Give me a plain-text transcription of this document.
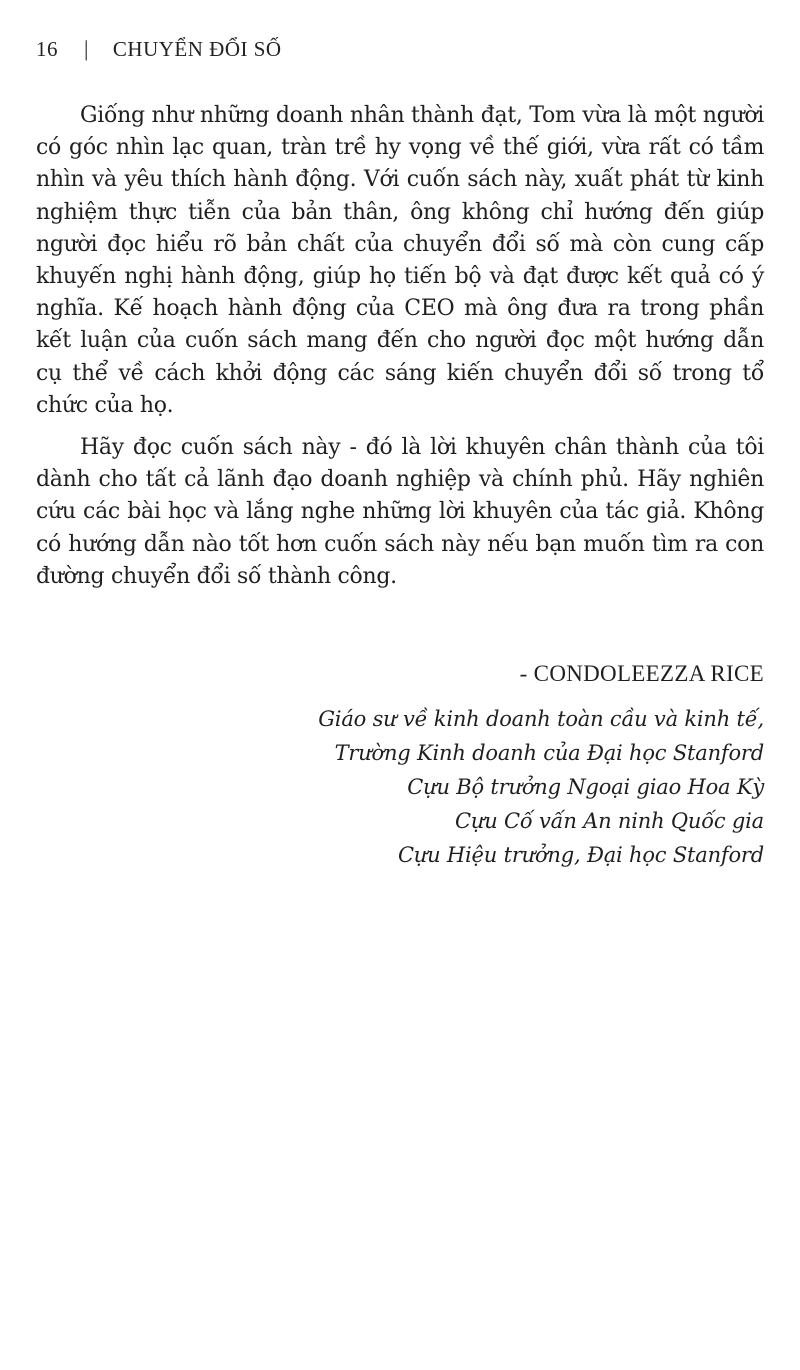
16 | CHUYỂN ĐỔI SỐ

Giống như những doanh nhân thành đạt, Tom vừa là một người có góc nhìn lạc quan, tràn trề hy vọng về thế giới, vừa rất có tầm nhìn và yêu thích hành động. Với cuốn sách này, xuất phát từ kinh nghiệm thực tiễn của bản thân, ông không chỉ hướng đến giúp người đọc hiểu rõ bản chất của chuyển đổi số mà còn cung cấp khuyến nghị hành động, giúp họ tiến bộ và đạt được kết quả có ý nghĩa. Kế hoạch hành động của CEO mà ông đưa ra trong phần kết luận của cuốn sách mang đến cho người đọc một hướng dẫn cụ thể về cách khởi động các sáng kiến chuyển đổi số trong tổ chức của họ.

Hãy đọc cuốn sách này - đó là lời khuyên chân thành của tôi dành cho tất cả lãnh đạo doanh nghiệp và chính phủ. Hãy nghiên cứu các bài học và lắng nghe những lời khuyên của tác giả. Không có hướng dẫn nào tốt hơn cuốn sách này nếu bạn muốn tìm ra con đường chuyển đổi số thành công.

- CONDOLEEZZA RICE
Giáo sư về kinh doanh toàn cầu và kinh tế,
Trường Kinh doanh của Đại học Stanford
Cựu Bộ trưởng Ngoại giao Hoa Kỳ
Cựu Cố vấn An ninh Quốc gia
Cựu Hiệu trưởng, Đại học Stanford
